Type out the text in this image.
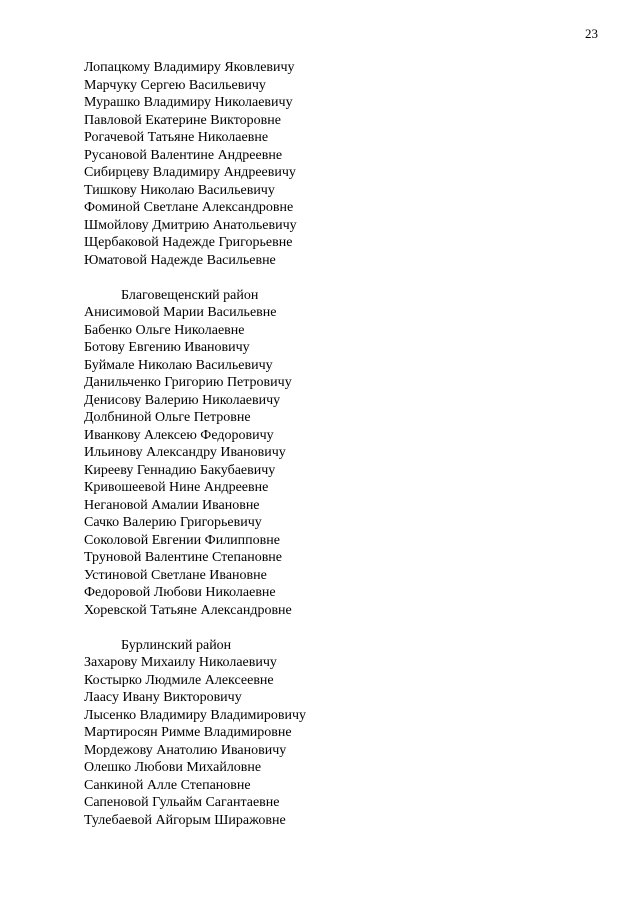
23
Лопацкому Владимиру Яковлевичу
Марчуку Сергею Васильевичу
Мурашко Владимиру Николаевичу
Павловой Екатерине Викторовне
Рогачевой Татьяне Николаевне
Русановой Валентине Андреевне
Сибирцеву Владимиру Андреевичу
Тишкову Николаю Васильевичу
Фоминой Светлане Александровне
Шмойлову Дмитрию Анатольевичу
Щербаковой Надежде Григорьевне
Юматовой Надежде Васильевне
Благовещенский район
Анисимовой Марии Васильевне
Бабенко Ольге Николаевне
Ботову Евгению Ивановичу
Буймале Николаю Васильевичу
Данильченко Григорию Петровичу
Денисову Валерию Николаевичу
Долбниной Ольге Петровне
Иванкову Алексею Федоровичу
Ильинову Александру Ивановичу
Кирееву Геннадию Бакубаевичу
Кривошеевой Нине Андреевне
Негановой Амалии Ивановне
Сачко Валерию Григорьевичу
Соколовой Евгении Филипповне
Труновой Валентине Степановне
Устиновой Светлане Ивановне
Федоровой Любови Николаевне
Хоревской Татьяне Александровне
Бурлинский район
Захарову Михаилу Николаевичу
Костырко Людмиле Алексеевне
Лаасу Ивану Викторовичу
Лысенко Владимиру Владимировичу
Мартиросян Римме Владимировне
Мордежову Анатолию Ивановичу
Олешко Любови Михайловне
Санкиной Алле Степановне
Сапеновой Гульайм Сагантаевне
Тулебаевой Айгорым Ширажовне
